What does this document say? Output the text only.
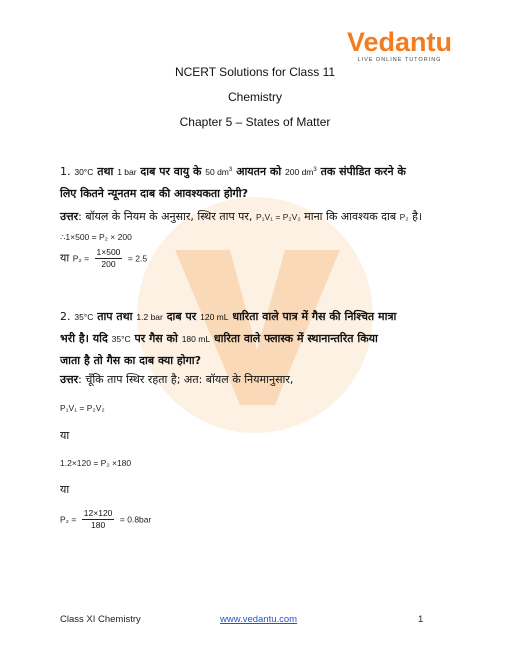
Vedantu
LIVE ONLINE TUTORING
NCERT Solutions for Class 11
Chemistry
Chapter 5 – States of Matter
1. 30°C तथा 1 bar दाब पर वायु के 50 $dm^3$ आयतन को 200 $dm^3$ तक संपीडित करने के
लिए कितने न्यूनतम दाब की आवश्यकता होगी?
उत्तर: बॉयल के नियम के अनुसार, स्थिर ताप पर, P₁V₁ = P₂V₂ माना कि आवश्यक दाब P₂ है।
∴1×500 = P₂ × 200
या $P_2 = \frac{1\times 500}{200} = 2.5$
2. 35°C ताप तथा 1.2 bar दाब पर 120 mL धारिता वाले पात्र में गैस की निश्चित मात्रा
भरी है। यदि 35°C पर गैस को 180 mL धारिता वाले फ्लास्क में स्थानान्तरित किया
जाता है तो गैस का दाब क्या होगा?
उत्तर: चूँकि ताप स्थिर रहता है; अत: बॉयल के नियमानुसार,
P₁V₁ = P₂V₂
या
1.2×120 = P₂ ×180
या
$P_2 = \frac{12\times 120}{180} = 0.8bar$
Class XI Chemistry	www.vedantu.com	1
